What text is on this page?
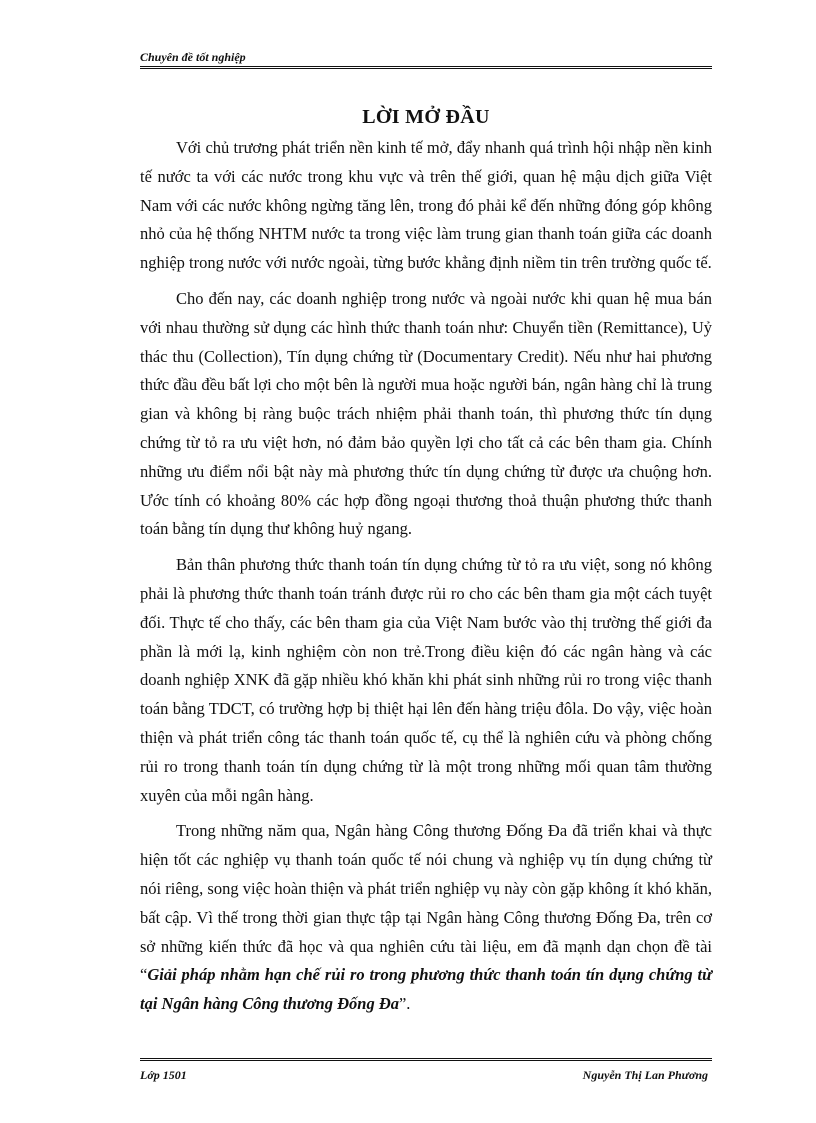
Chuyên đề tốt nghiệp
LỜI MỞ ĐẦU

Với chủ trương phát triển nền kinh tế mở, đẩy nhanh quá trình hội nhập nền kinh tế nước ta với các nước trong khu vực và trên thế giới, quan hệ mậu dịch giữa Việt Nam với các nước không ngừng tăng lên, trong đó phải kể đến những đóng góp không nhỏ của hệ thống NHTM nước ta trong việc làm trung gian thanh toán giữa các doanh nghiệp trong nước với nước ngoài, từng bước khẳng định niềm tin trên trường quốc tế.

Cho đến nay, các doanh nghiệp trong nước và ngoài nước khi quan hệ mua bán với nhau thường sử dụng các hình thức thanh toán như: Chuyển tiền (Remittance), Uỷ thác thu (Collection), Tín dụng chứng từ (Documentary Credit). Nếu như hai phương thức đầu đều bất lợi cho một bên là người mua hoặc người bán, ngân hàng chỉ là trung gian và không bị ràng buộc trách nhiệm phải thanh toán, thì phương thức tín dụng chứng từ tỏ ra ưu việt hơn, nó đảm bảo quyền lợi cho tất cả các bên tham gia. Chính những ưu điểm nổi bật này mà phương thức tín dụng chứng từ được ưa chuộng hơn. Ước tính có khoảng 80% các hợp đồng ngoại thương thoả thuận phương thức thanh toán bằng tín dụng thư không huỷ ngang.

Bản thân phương thức thanh toán tín dụng chứng từ tỏ ra ưu việt, song nó không phải là phương thức thanh toán tránh được rủi ro cho các bên tham gia một cách tuyệt đối. Thực tế cho thấy, các bên tham gia của Việt Nam bước vào thị trường thế giới đa phần là mới lạ, kinh nghiệm còn non trẻ.Trong điều kiện đó các ngân hàng và các doanh nghiệp XNK đã gặp nhiều khó khăn khi phát sinh những rủi ro trong việc thanh toán bằng TDCT, có trường hợp bị thiệt hại lên đến hàng triệu đôla. Do vậy, việc hoàn thiện và phát triển công tác thanh toán quốc tế, cụ thể là nghiên cứu và phòng chống rủi ro trong thanh toán tín dụng chứng từ là một trong những mối quan tâm thường xuyên của mỗi ngân hàng.

Trong những năm qua, Ngân hàng Công thương Đống Đa đã triển khai và thực hiện tốt các nghiệp vụ thanh toán quốc tế nói chung và nghiệp vụ tín dụng chứng từ nói riêng, song việc hoàn thiện và phát triển nghiệp vụ này còn gặp không ít khó khăn, bất cập. Vì thế trong thời gian thực tập tại Ngân hàng Công thương Đống Đa, trên cơ sở những kiến thức đã học và qua nghiên cứu tài liệu, em đã mạnh dạn chọn đề tài “Giải pháp nhằm hạn chế rủi ro trong phương thức thanh toán tín dụng chứng từ tại Ngân hàng Công thương Đống Đa”.

Lớp 1501	Nguyễn Thị Lan Phương
